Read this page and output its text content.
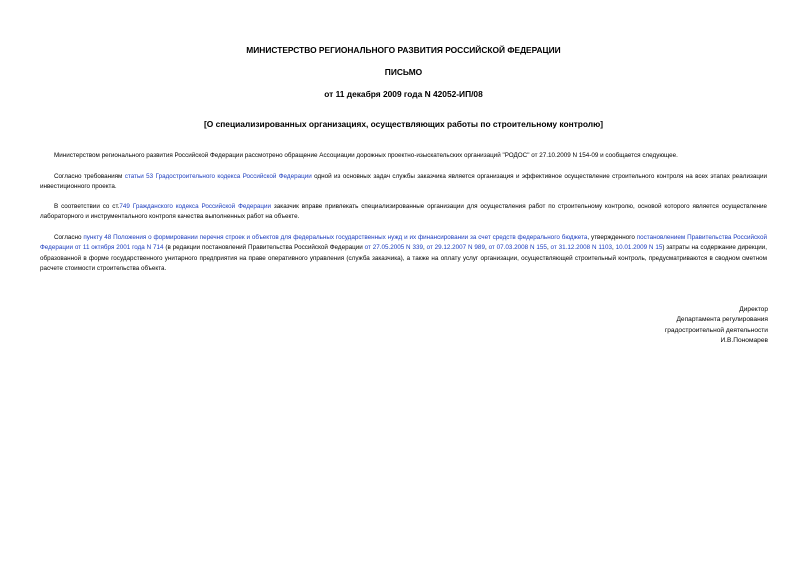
МИНИСТЕРСТВО РЕГИОНАЛЬНОГО РАЗВИТИЯ РОССИЙСКОЙ ФЕДЕРАЦИИ
ПИСЬМО
от 11 декабря 2009 года N 42052-ИП/08
[О специализированных организациях, осуществляющих работы по строительному контролю]
Министерством регионального развития Российской Федерации рассмотрено обращение Ассоциации дорожных проектно-изыскательских организаций "РОДОС" от 27.10.2009 N 154-09 и сообщается следующее.
Согласно требованиям статьи 53 Градостроительного кодекса Российской Федерации одной из основных задач службы заказчика является организация и эффективное осуществление строительного контроля на всех этапах реализации инвестиционного проекта.
В соответствии со ст.749 Гражданского кодекса Российской Федерации заказчик вправе привлекать специализированные организации для осуществления работ по строительному контролю, основой которого является осуществление лабораторного и инструментального контроля качества выполненных работ на объекте.
Согласно пункту 48 Положения о формировании перечня строек и объектов для федеральных государственных нужд и их финансировании за счет средств федерального бюджета, утвержденного постановлением Правительства Российской Федерации от 11 октября 2001 года N 714 (в редакции постановлений Правительства Российской Федерации от 27.05.2005 N 339, от 29.12.2007 N 989, от 07.03.2008 N 155, от 31.12.2008 N 1103, 10.01.2009 N 15) затраты на содержание дирекции, образованной в форме государственного унитарного предприятия на праве оперативного управления (служба заказчика), а также на оплату услуг организации, осуществляющей строительный контроль, предусматриваются в сводном сметном расчете стоимости строительства объекта.
Директор
Департамента регулирования
градостроительной деятельности
И.В.Пономарев
